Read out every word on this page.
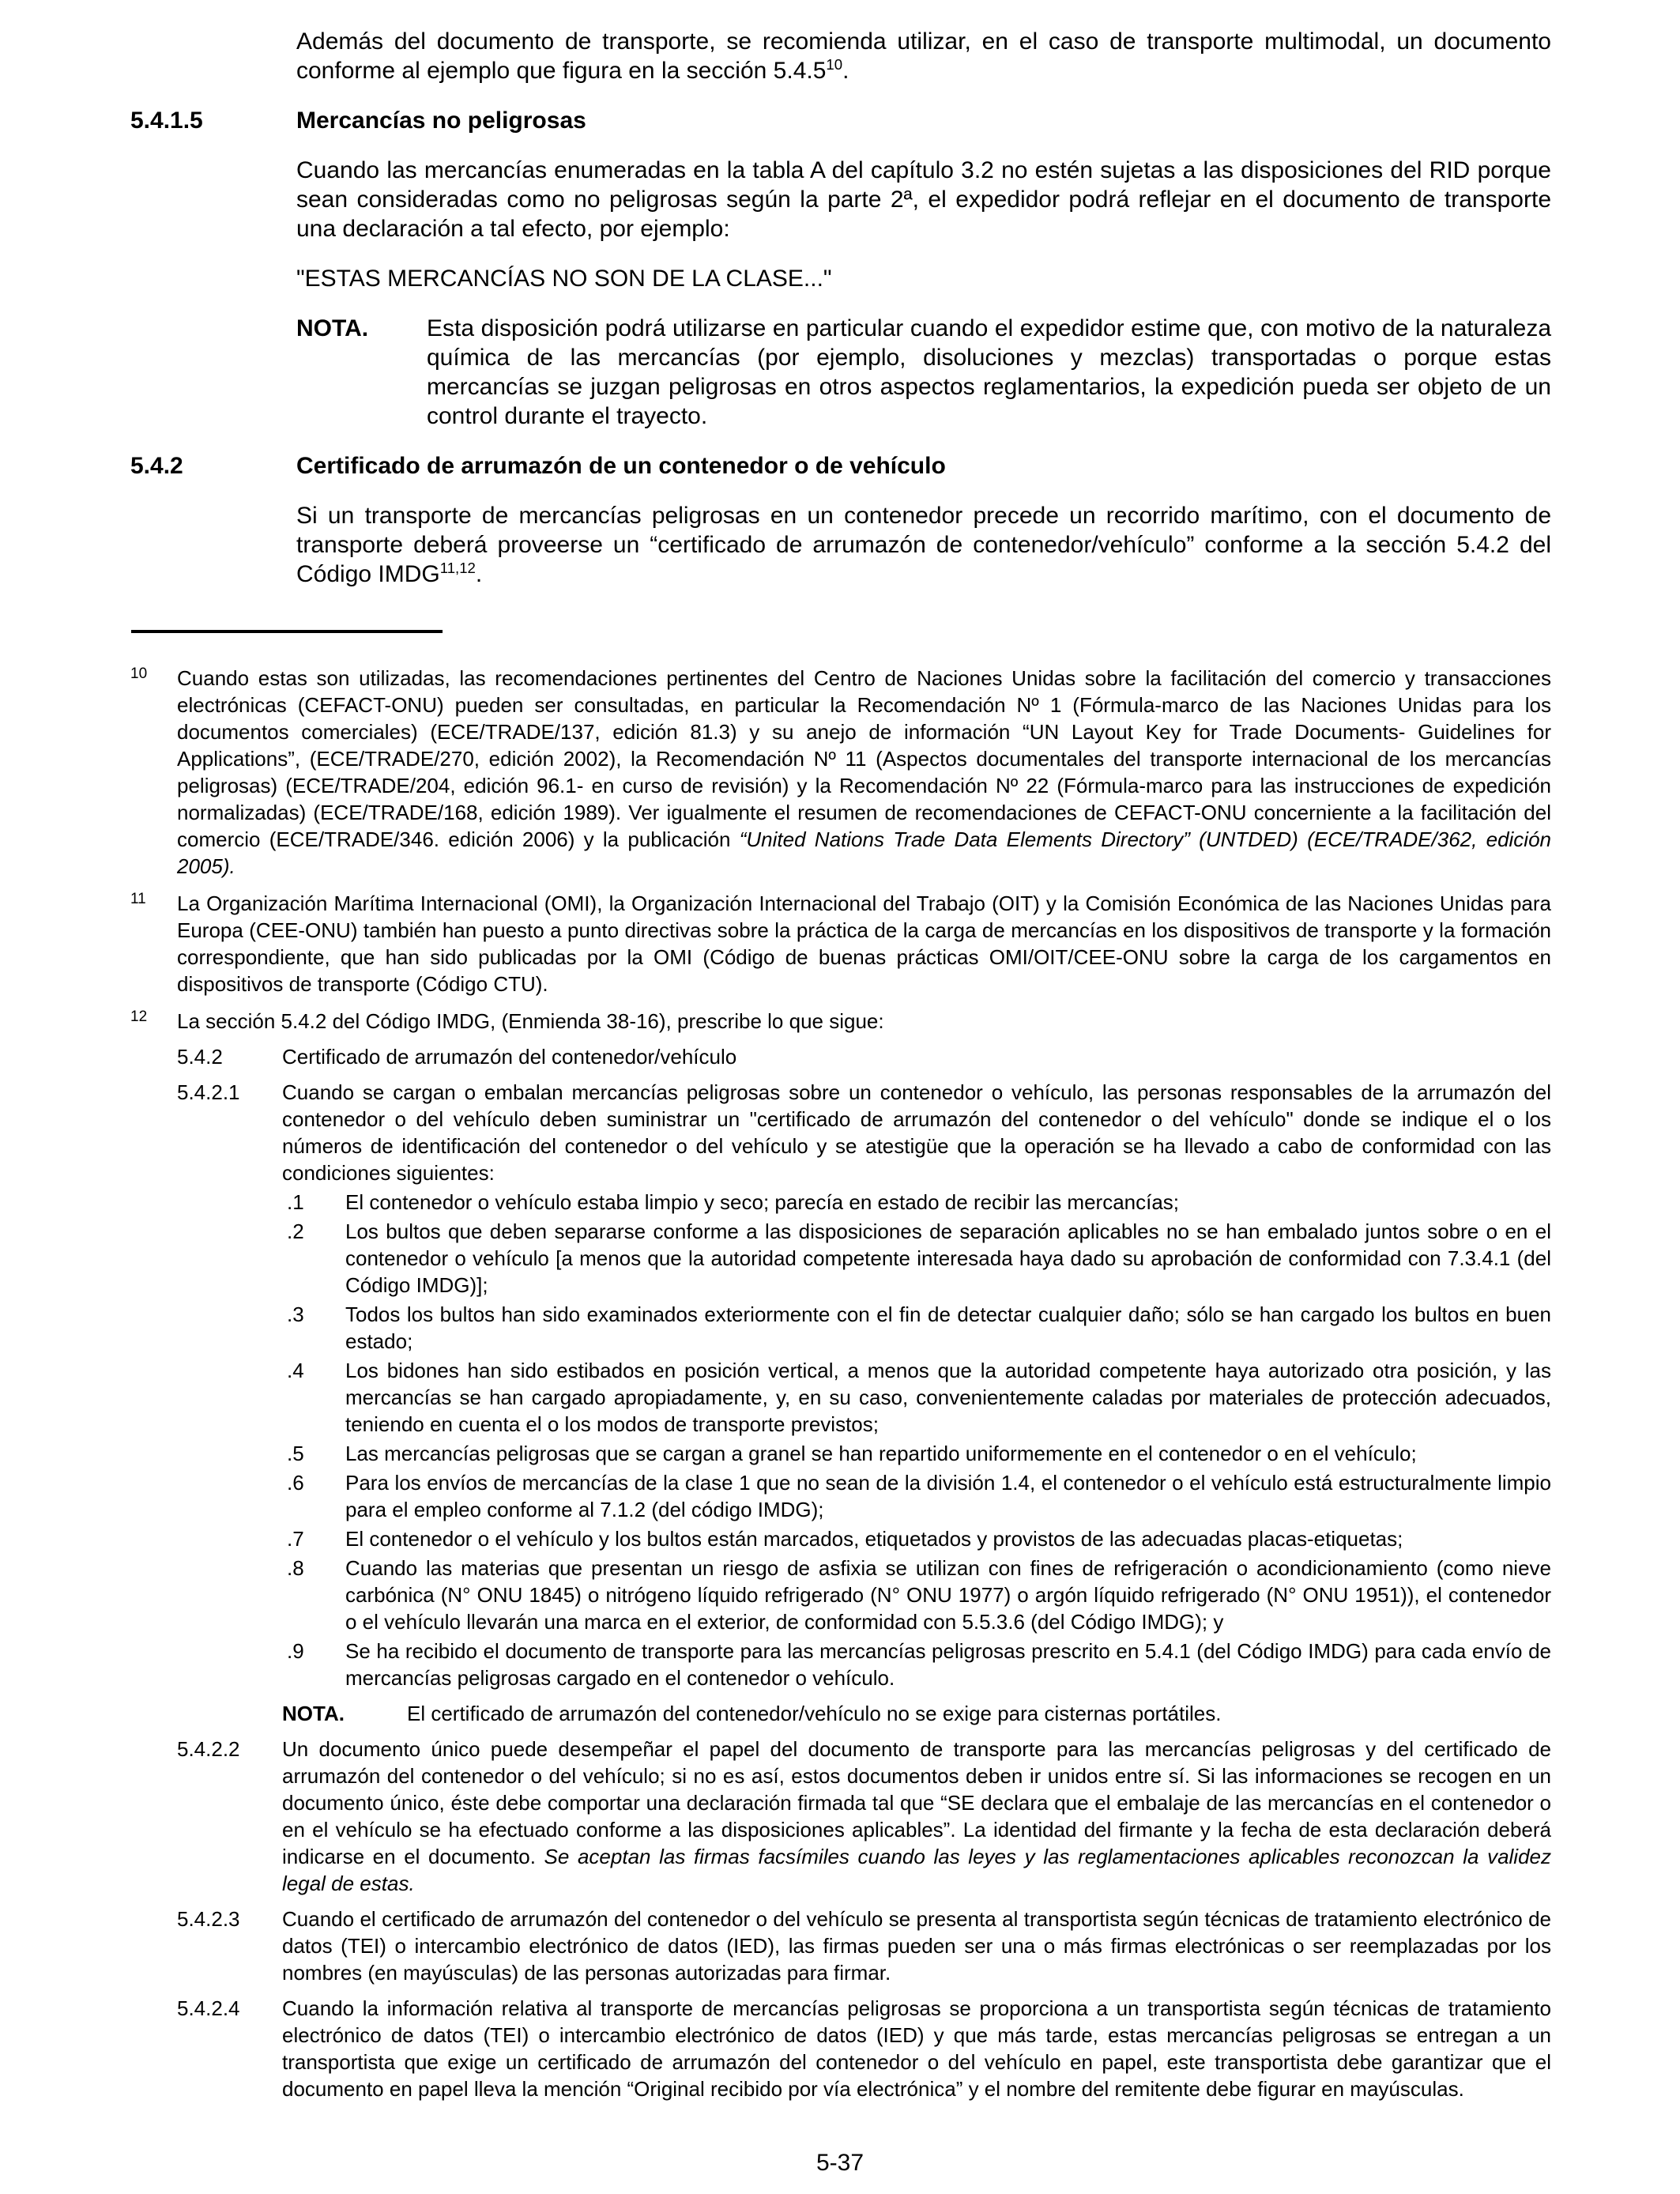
Además del documento de transporte, se recomienda utilizar, en el caso de transporte multimodal, un documento conforme al ejemplo que figura en la sección 5.4.5$^{10}$.

5.4.1.5	Mercancías no peligrosas

Cuando las mercancías enumeradas en la tabla A del capítulo 3.2 no estén sujetas a las disposiciones del RID porque sean consideradas como no peligrosas según la parte 2ª, el expedidor podrá reflejar en el documento de transporte una declaración a tal efecto, por ejemplo:

"ESTAS MERCANCÍAS NO SON DE LA CLASE..."

NOTA.	Esta disposición podrá utilizarse en particular cuando el expedidor estime que, con motivo de la naturaleza química de las mercancías (por ejemplo, disoluciones y mezclas) transportadas o porque estas mercancías se juzgan peligrosas en otros aspectos reglamentarios, la expedición pueda ser objeto de un control durante el trayecto.
5.4.2	Certificado de arrumazón de un contenedor o de vehículo

Si un transporte de mercancías peligrosas en un contenedor precede un recorrido marítimo, con el documento de transporte deberá proveerse un “certificado de arrumazón de contenedor/vehículo” conforme a la sección 5.4.2 del Código IMDG$^{11,12}$.

10	Cuando estas son utilizadas, las recomendaciones pertinentes del Centro de Naciones Unidas sobre la facilitación del comercio y transacciones electrónicas (CEFACT-ONU) pueden ser consultadas, en particular la Recomendación Nº 1 (Fórmula-marco de las Naciones Unidas para los documentos comerciales) (ECE/TRADE/137, edición 81.3) y su anejo de información “UN Layout Key for Trade Documents- Guidelines for Applications”, (ECE/TRADE/270, edición 2002), la Recomendación Nº 11 (Aspectos documentales del transporte internacional de los mercancías peligrosas) (ECE/TRADE/204, edición 96.1- en curso de revisión) y la Recomendación Nº 22 (Fórmula-marco para las instrucciones de expedición normalizadas) (ECE/TRADE/168, edición 1989). Ver igualmente el resumen de recomendaciones de CEFACT-ONU concerniente a la facilitación del comercio (ECE/TRADE/346. edición 2006) y la publicación “United Nations Trade Data Elements Directory” (UNTDED) (ECE/TRADE/362, edición 2005).
11	La Organización Marítima Internacional (OMI), la Organización Internacional del Trabajo (OIT) y la Comisión Económica de las Naciones Unidas para Europa (CEE-ONU) también han puesto a punto directivas sobre la práctica de la carga de mercancías en los dispositivos de transporte y la formación correspondiente, que han sido publicadas por la OMI (Código de buenas prácticas OMI/OIT/CEE-ONU sobre la carga de los cargamentos en dispositivos de transporte (Código CTU).
12	La sección 5.4.2 del Código IMDG, (Enmienda 38-16), prescribe lo que sigue:
5.4.2	Certificado de arrumazón del contenedor/vehículo
5.4.2.1	Cuando se cargan o embalan mercancías peligrosas sobre un contenedor o vehículo, las personas responsables de la arrumazón del contenedor o del vehículo deben suministrar un "certificado de arrumazón del contenedor o del vehículo" donde se indique el o los números de identificación del contenedor o del vehículo y se atestigüe que la operación se ha llevado a cabo de conformidad con las condiciones siguientes:
.1	El contenedor o vehículo estaba limpio y seco; parecía en estado de recibir las mercancías;
.2	Los bultos que deben separarse conforme a las disposiciones de separación aplicables no se han embalado juntos sobre o en el contenedor o vehículo [a menos que la autoridad competente interesada haya dado su aprobación de conformidad con 7.3.4.1 (del Código IMDG)];
.3	Todos los bultos han sido examinados exteriormente con el fin de detectar cualquier daño; sólo se han cargado los bultos en buen estado;
.4	Los bidones han sido estibados en posición vertical, a menos que la autoridad competente haya autorizado otra posición, y las mercancías se han cargado apropiadamente, y, en su caso, convenientemente caladas por materiales de protección adecuados, teniendo en cuenta el o los modos de transporte previstos;
.5	Las mercancías peligrosas que se cargan a granel se han repartido uniformemente en el contenedor o en el vehículo;
.6	Para los envíos de mercancías de la clase 1 que no sean de la división 1.4, el contenedor o el vehículo está estructuralmente limpio para el empleo conforme al 7.1.2 (del código IMDG);
.7	El contenedor o el vehículo y los bultos están marcados, etiquetados y provistos de las adecuadas placas-etiquetas;
.8	Cuando las materias que presentan un riesgo de asfixia se utilizan con fines de refrigeración o acondicionamiento (como nieve carbónica (N° ONU 1845) o nitrógeno líquido refrigerado (N° ONU 1977) o argón líquido refrigerado (N° ONU 1951)), el contenedor o el vehículo llevarán una marca en el exterior, de conformidad con 5.5.3.6 (del Código IMDG); y
.9	Se ha recibido el documento de transporte para las mercancías peligrosas prescrito en 5.4.1 (del Código IMDG) para cada envío de mercancías peligrosas cargado en el contenedor o vehículo.
NOTA.	El certificado de arrumazón del contenedor/vehículo no se exige para cisternas portátiles.
5.4.2.2	Un documento único puede desempeñar el papel del documento de transporte para las mercancías peligrosas y del certificado de arrumazón del contenedor o del vehículo; si no es así, estos documentos deben ir unidos entre sí. Si las informaciones se recogen en un documento único, éste debe comportar una declaración firmada tal que “SE declara que el embalaje de las mercancías en el contenedor o en el vehículo se ha efectuado conforme a las disposiciones aplicables”. La identidad del firmante y la fecha de esta declaración deberá indicarse en el documento. Se aceptan las firmas facsímiles cuando las leyes y las reglamentaciones aplicables reconozcan la validez legal de estas.
5.4.2.3	Cuando el certificado de arrumazón del contenedor o del vehículo se presenta al transportista según técnicas de tratamiento electrónico de datos (TEI) o intercambio electrónico de datos (IED), las firmas pueden ser una o más firmas electrónicas o ser reemplazadas por los nombres (en mayúsculas) de las personas autorizadas para firmar.
5.4.2.4	Cuando la información relativa al transporte de mercancías peligrosas se proporciona a un transportista según técnicas de tratamiento electrónico de datos (TEI) o intercambio electrónico de datos (IED) y que más tarde, estas mercancías peligrosas se entregan a un transportista que exige un certificado de arrumazón del contenedor o del vehículo en papel, este transportista debe garantizar que el documento en papel lleva la mención “Original recibido por vía electrónica” y el nombre del remitente debe figurar en mayúsculas.
5-37
